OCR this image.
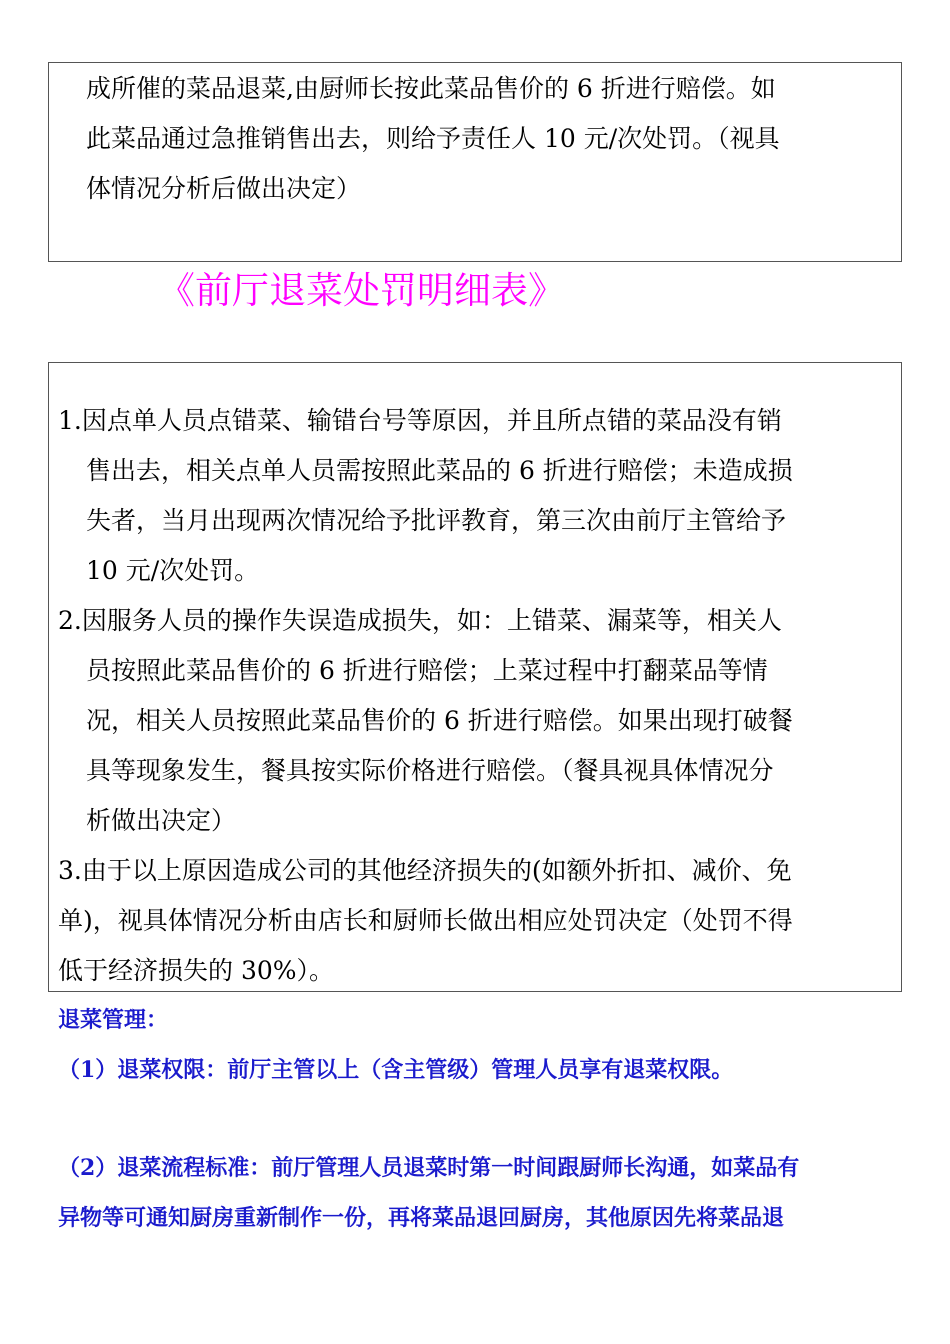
成所催的菜品退菜,由厨师长按此菜品售价的 6 折进行赔偿。如
此菜品通过急推销售出去，则给予责任人 10 元/次处罚。（视具
体情况分析后做出决定）
《前厅退菜处罚明细表》
1.因点单人员点错菜、输错台号等原因，并且所点错的菜品没有销
售出去，相关点单人员需按照此菜品的 6 折进行赔偿；未造成损
失者，当月出现两次情况给予批评教育，第三次由前厅主管给予
10 元/次处罚。
2.因服务人员的操作失误造成损失，如：上错菜、漏菜等，相关人
员按照此菜品售价的 6 折进行赔偿；上菜过程中打翻菜品等情
况，相关人员按照此菜品售价的 6 折进行赔偿。如果出现打破餐
具等现象发生，餐具按实际价格进行赔偿。（餐具视具体情况分
析做出决定）
3.由于以上原因造成公司的其他经济损失的(如额外折扣、减价、免
单)，视具体情况分析由店长和厨师长做出相应处罚决定（处罚不得
低于经济损失的 30%）。
退菜管理：
（1）退菜权限：前厅主管以上（含主管级）管理人员享有退菜权限。
（2）退菜流程标准：前厅管理人员退菜时第一时间跟厨师长沟通，如菜品有
异物等可通知厨房重新制作一份，再将菜品退回厨房，其他原因先将菜品退
